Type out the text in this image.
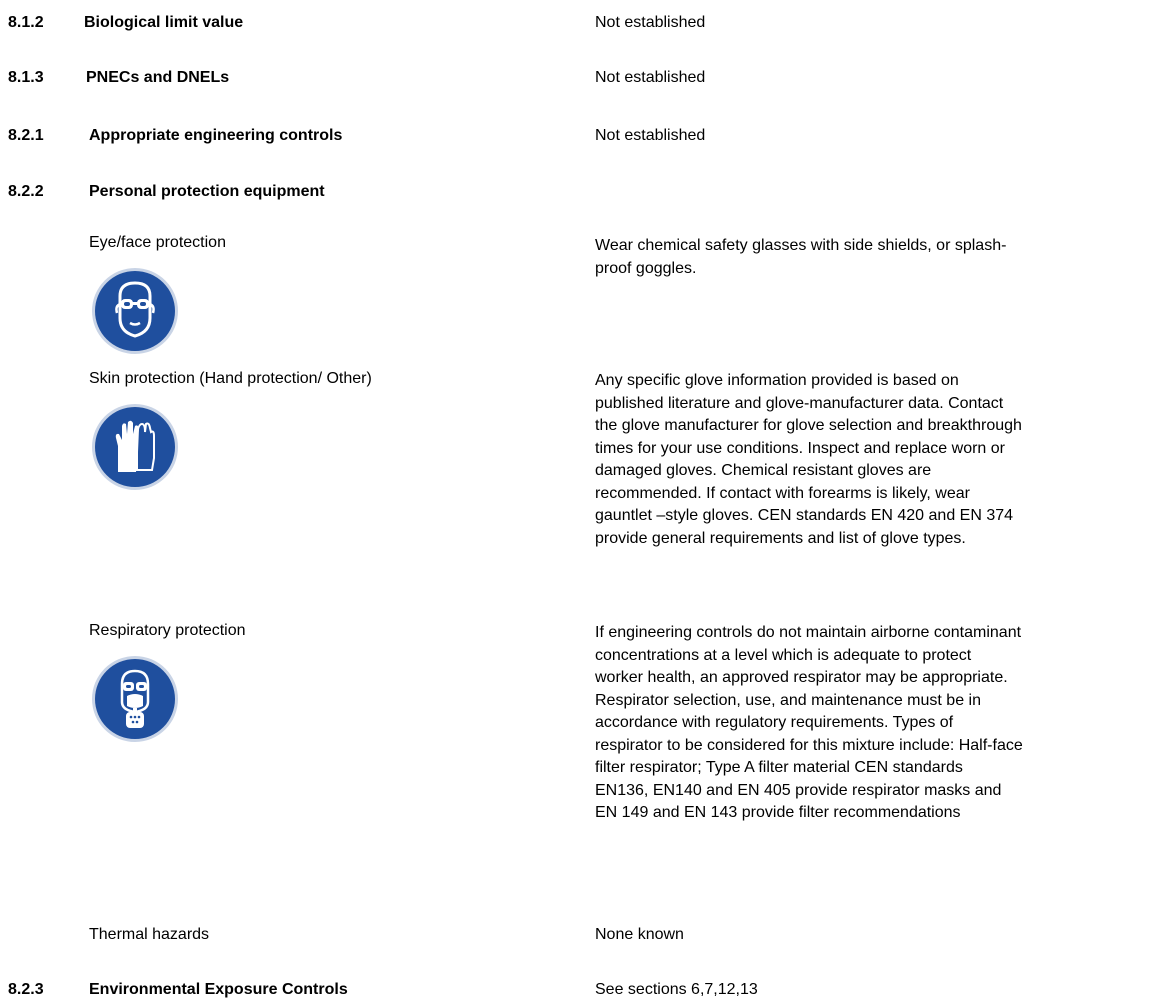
8.1.2	Biological limit value	Not established
8.1.3	PNECs and DNELs	Not established
8.2.1	Appropriate engineering controls	Not established
8.2.2	Personal protection equipment
Eye/face protection	Wear chemical safety glasses with side shields, or splash-
proof goggles.
Skin protection (Hand protection/ Other)	Any specific glove information provided is based on
published literature and glove-manufacturer data. Contact
the glove manufacturer for glove selection and breakthrough
times for your use conditions. Inspect and replace worn or
damaged gloves. Chemical resistant gloves are
recommended. If contact with forearms is likely, wear
gauntlet –style gloves. CEN standards EN 420 and EN 374
provide general requirements and list of glove types.
Respiratory protection	If engineering controls do not maintain airborne contaminant
concentrations at a level which is adequate to protect
worker health, an approved respirator may be appropriate.
Respirator selection, use, and maintenance must be in
accordance with regulatory requirements. Types of
respirator to be considered for this mixture include: Half-face
filter respirator; Type A filter material CEN standards
EN136, EN140 and EN 405 provide respirator masks and
EN 149 and EN 143 provide filter recommendations
Thermal hazards	None known
8.2.3	Environmental Exposure Controls	See sections 6,7,12,13
